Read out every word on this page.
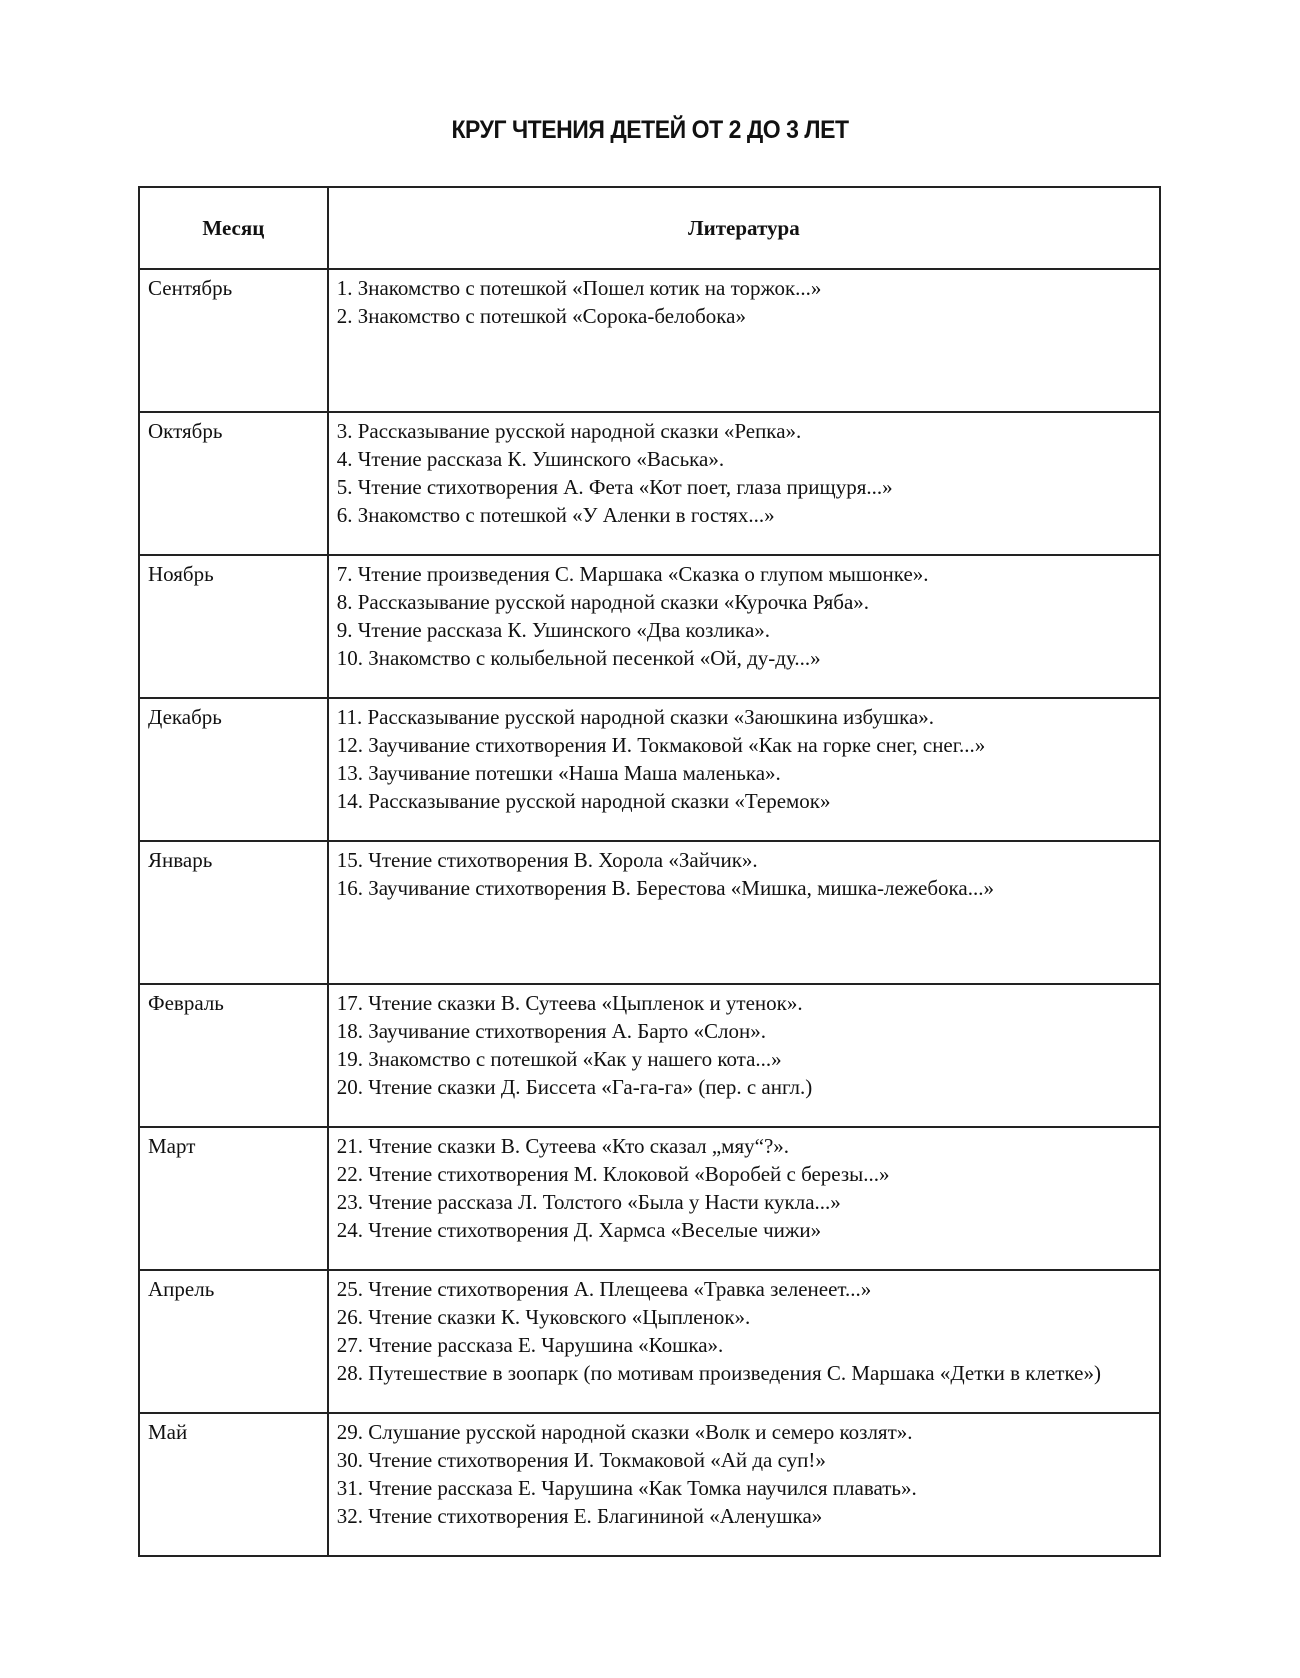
КРУГ ЧТЕНИЯ ДЕТЕЙ ОТ 2 ДО 3 ЛЕТ
Месяц	Литература
Сентябрь	1. Знакомство с потешкой «Пошел котик на торжок...»
2. Знакомство с потешкой «Сорока-белобока»

Октябрь	3. Рассказывание русской народной сказки «Репка».
4. Чтение рассказа К. Ушинского «Васька».
5. Чтение стихотворения А. Фета «Кот поет, глаза прищуря...»
6. Знакомство с потешкой «У Аленки в гостях...»

Ноябрь	7. Чтение произведения С. Маршака «Сказка о глупом мышонке».
8. Рассказывание русской народной сказки «Курочка Ряба».
9. Чтение рассказа К. Ушинского «Два козлика».
10. Знакомство с колыбельной песенкой «Ой, ду-ду...»

Декабрь	11. Рассказывание русской народной сказки «Заюшкина избушка».
12. Заучивание стихотворения И. Токмаковой «Как на горке снег, снег...»
13. Заучивание потешки «Наша Маша маленька».
14. Рассказывание русской народной сказки «Теремок»

Январь	15. Чтение стихотворения В. Хорола «Зайчик».
16. Заучивание стихотворения В. Берестова «Мишка, мишка-лежебока...»

Февраль	17. Чтение сказки В. Сутеева «Цыпленок и утенок».
18. Заучивание стихотворения А. Барто «Слон».
19. Знакомство с потешкой «Как у нашего кота...»
20. Чтение сказки Д. Биссета «Га-га-га» (пер. с англ.)

Март	21. Чтение сказки В. Сутеева «Кто сказал „мяу“?».
22. Чтение стихотворения М. Клоковой «Воробей с березы...»
23. Чтение рассказа Л. Толстого «Была у Насти кукла...»
24. Чтение стихотворения Д. Хармса «Веселые чижи»

Апрель	25. Чтение стихотворения А. Плещеева «Травка зеленеет...»
26. Чтение сказки К. Чуковского «Цыпленок».
27. Чтение рассказа Е. Чарушина «Кошка».
28. Путешествие в зоопарк (по мотивам произведения С. Маршака «Детки в клетке»)

Май	29. Слушание русской народной сказки «Волк и семеро козлят».
30. Чтение стихотворения И. Токмаковой «Ай да суп!»
31. Чтение рассказа Е. Чарушина «Как Томка научился плавать».
32. Чтение стихотворения Е. Благининой «Аленушка»
